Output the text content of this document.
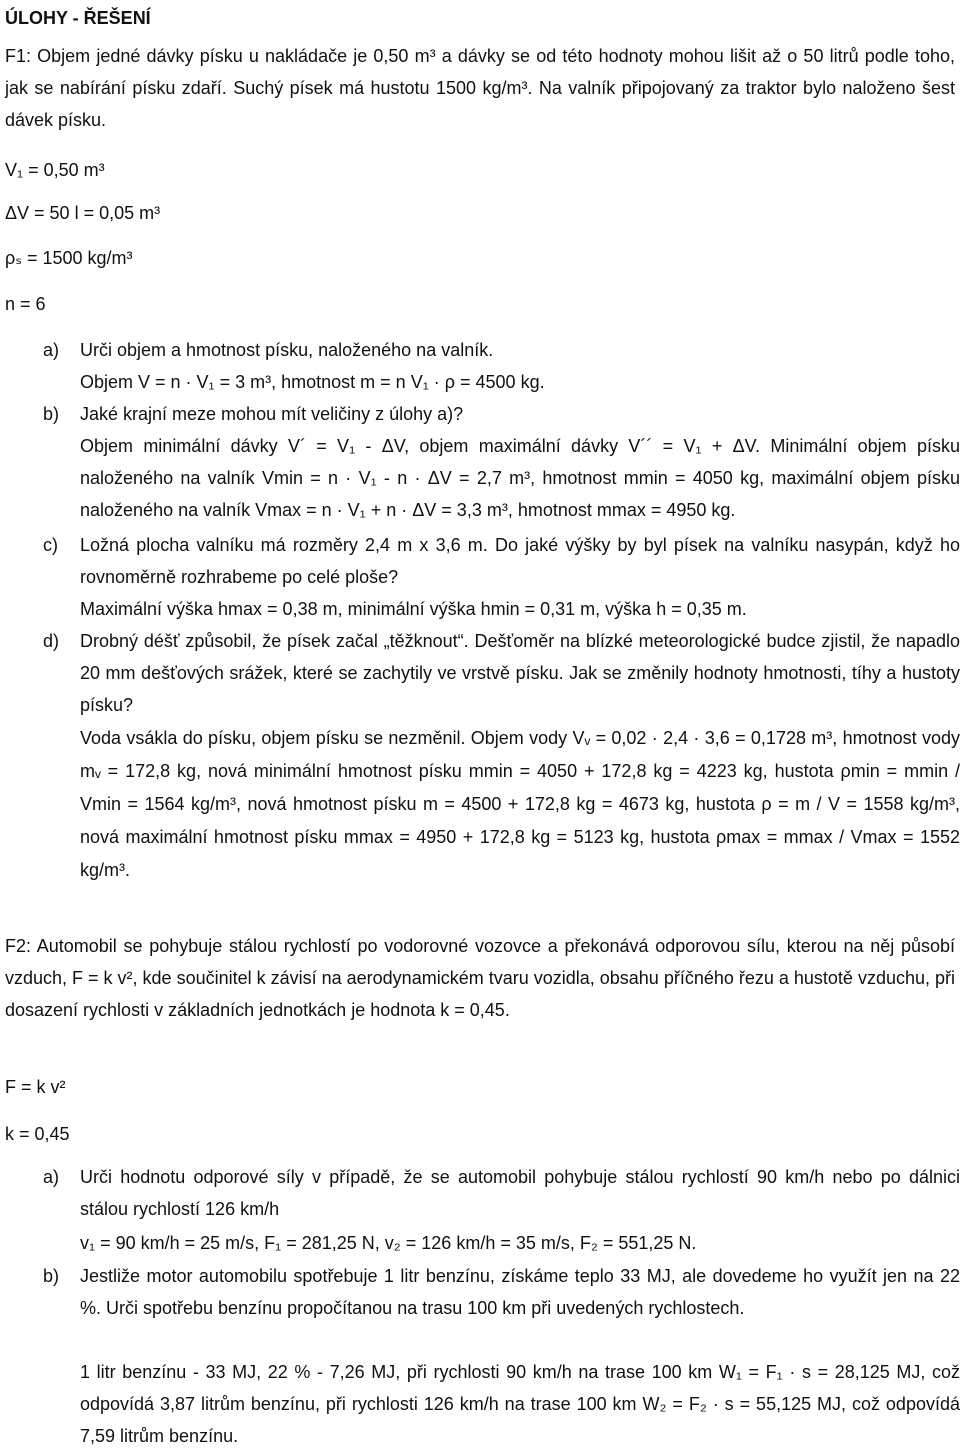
ÚLOHY - ŘEŠENÍ
F1: Objem jedné dávky písku u nakládače je 0,50 m³ a dávky se od této hodnoty mohou lišit až o 50 litrů podle toho, jak se nabírání písku zdaří. Suchý písek má hustotu 1500 kg/m³. Na valník připojovaný za traktor bylo naloženo šest dávek písku.
V₁ = 0,50 m³
ΔV = 50 l = 0,05 m³
ρₛ = 1500 kg/m³
n = 6
a) Urči objem a hmotnost písku, naloženého na valník.
Objem V = n · V₁ = 3 m³, hmotnost m = n V₁ · ρ = 4500 kg.
b) Jaké krajní meze mohou mít veličiny z úlohy a)?
Objem minimální dávky V´ = V₁ - ΔV, objem maximální dávky V´´ = V₁ + ΔV. Minimální objem písku naloženého na valník Vmin = n · V₁ - n · ΔV = 2,7 m³, hmotnost mmin = 4050 kg, maximální objem písku naloženého na valník Vmax = n · V₁ + n · ΔV = 3,3 m³, hmotnost mmax = 4950 kg.
c) Ložná plocha valníku má rozměry 2,4 m x 3,6 m. Do jaké výšky by byl písek na valníku nasypán, když ho rovnoměrně rozhrabeme po celé ploše?
Maximální výška hmax = 0,38 m, minimální výška hmin = 0,31 m, výška h = 0,35 m.
d) Drobný déšť způsobil, že písek začal „těžknout“. Dešťoměr na blízké meteorologické budce zjistil, že napadlo 20 mm dešťových srážek, které se zachytily ve vrstvě písku. Jak se změnily hodnoty hmotnosti, tíhy a hustoty písku?
Voda vsákla do písku, objem písku se nezměnil. Objem vody Vᵥ = 0,02 · 2,4 · 3,6 = 0,1728 m³, hmotnost vody mᵥ = 172,8 kg, nová minimální hmotnost písku mmin = 4050 + 172,8 kg = 4223 kg, hustota ρmin = mmin / Vmin = 1564 kg/m³, nová hmotnost písku m = 4500 + 172,8 kg = 4673 kg, hustota ρ = m / V = 1558 kg/m³, nová maximální hmotnost písku mmax = 4950 + 172,8 kg = 5123 kg, hustota ρmax = mmax / Vmax = 1552 kg/m³.
F2: Automobil se pohybuje stálou rychlostí po vodorovné vozovce a překonává odporovou sílu, kterou na něj působí vzduch, F = k v², kde součinitel k závisí na aerodynamickém tvaru vozidla, obsahu příčného řezu a hustotě vzduchu, při dosazení rychlosti v základních jednotkách je hodnota k = 0,45.
F = k v²
k = 0,45
a) Urči hodnotu odporové síly v případě, že se automobil pohybuje stálou rychlostí 90 km/h nebo po dálnici stálou rychlostí 126 km/h
v₁ = 90 km/h = 25 m/s, F₁ = 281,25 N, v₂ = 126 km/h = 35 m/s, F₂ = 551,25 N.
b) Jestliže motor automobilu spotřebuje 1 litr benzínu, získáme teplo 33 MJ, ale dovedeme ho využít jen na 22 %. Urči spotřebu benzínu propočítanou na trasu 100 km při uvedených rychlostech.
1 litr benzínu - 33 MJ, 22 % - 7,26 MJ, při rychlosti 90 km/h na trase 100 km W₁ = F₁ · s = 28,125 MJ, což odpovídá 3,87 litrům benzínu, při rychlosti 126 km/h na trase 100 km W₂ = F₂ · s = 55,125 MJ, což odpovídá 7,59 litrům benzínu.
